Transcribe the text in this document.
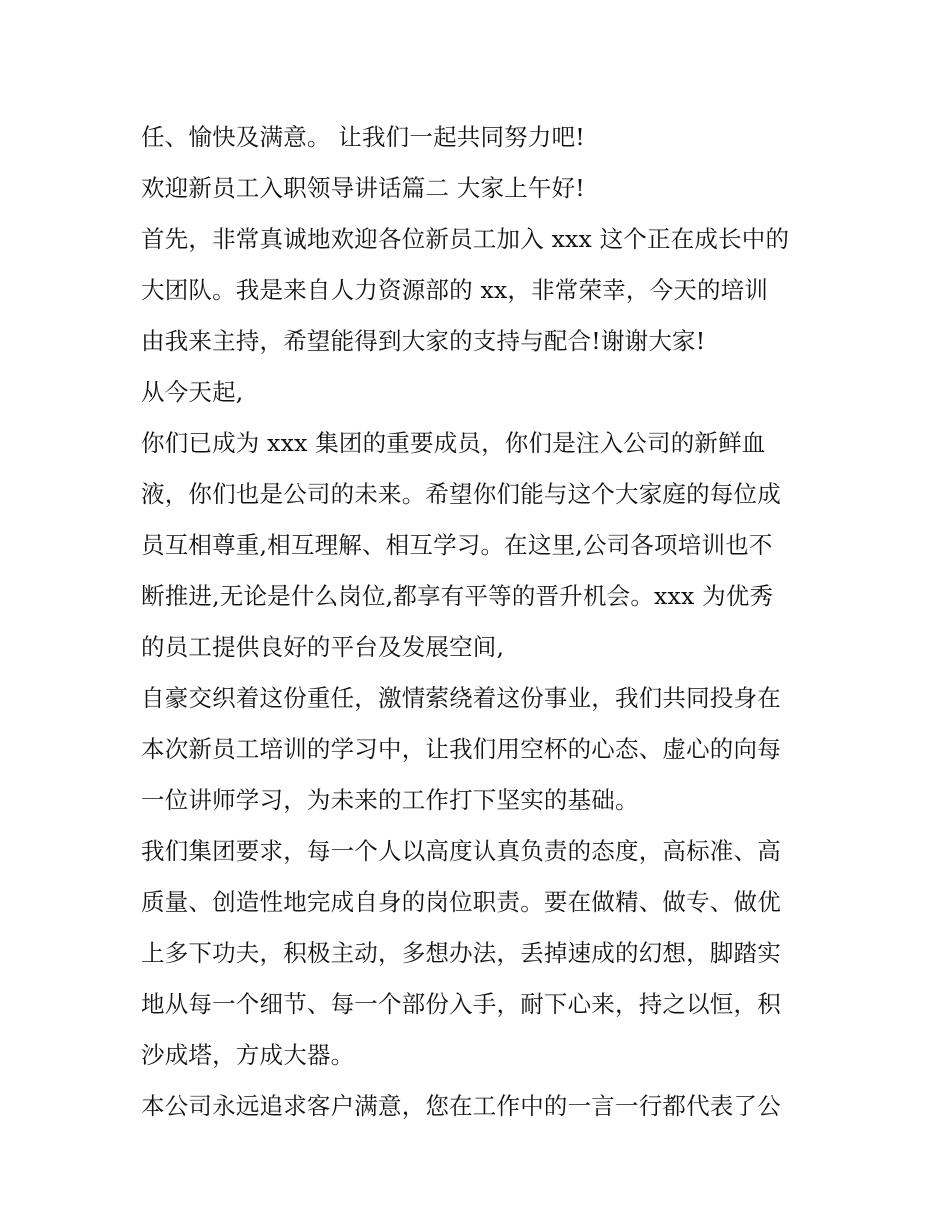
任、愉快及满意。 让我们一起共同努力吧!
欢迎新员工入职领导讲话篇二 大家上午好!
首先，非常真诚地欢迎各位新员工加入 xxx 这个正在成长中的
大团队。我是来自人力资源部的 xx，非常荣幸，今天的培训
由我来主持，希望能得到大家的支持与配合!谢谢大家!
从今天起,
你们已成为 xxx 集团的重要成员，你们是注入公司的新鲜血
液，你们也是公司的未来。希望你们能与这个大家庭的每位成
员互相尊重,相互理解、相互学习。在这里,公司各项培训也不
断推进,无论是什么岗位,都享有平等的晋升机会。xxx 为优秀
的员工提供良好的平台及发展空间,
自豪交织着这份重任，激情萦绕着这份事业，我们共同投身在
本次新员工培训的学习中，让我们用空杯的心态、虚心的向每
一位讲师学习，为未来的工作打下坚实的基础。
我们集团要求，每一个人以高度认真负责的态度，高标准、高
质量、创造性地完成自身的岗位职责。要在做精、做专、做优
上多下功夫，积极主动，多想办法，丢掉速成的幻想，脚踏实
地从每一个细节、每一个部份入手，耐下心来，持之以恒，积
沙成塔，方成大器。
本公司永远追求客户满意，您在工作中的一言一行都代表了公
